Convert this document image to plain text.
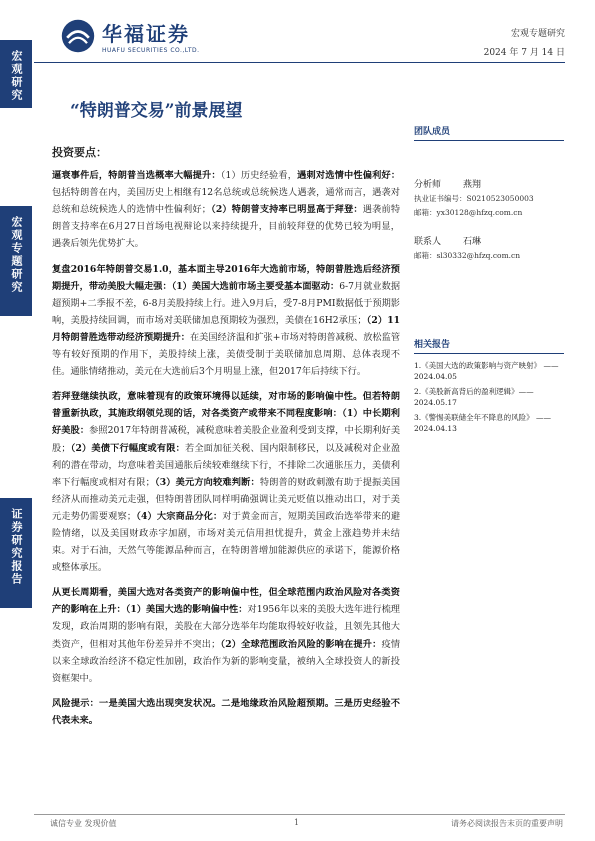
宏观研究
宏观专题研究
证券研究报告
华福证券
HUAFU SECURITIES CO.,LTD.
宏观专题研究
2024 年 7 月 14 日
“特朗普交易”前景展望
投资要点：

逼衰事件后，特朗普当选概率大幅提升：（1）历史经验看，遇刺对选情中性偏利好：包括特朗普在内，美国历史上相继有12名总统或总统候选人遇袭，通常而言，遇袭对总统和总统候选人的选情中性偏利好；（2）特朗普支持率已明显高于拜登：遇袭前特朗普支持率在6月27日首场电视辩论以来持续提升，目前较拜登的优势已较为明显，遇袭后领先优势扩大。

复盘2016年特朗普交易1.0，基本面主导2016年大选前市场，特朗普胜选后经济预期提升，带动美股大幅走强：（1）美国大选前市场主要受基本面驱动：6-7月就业数据超预期+二季报不差，6-8月美股持续上行。进入9月后，受7-8月PMI数据低于预期影响，美股持续回调，而市场对美联储加息预期较为强烈，美债在16H2承压；（2）11月特朗普胜选带动经济预期提升：在美国经济温和扩张+市场对特朗普减税、放松监管等有较好预期的作用下，美股持续上涨，美债受制于美联储加息周期、总体表现不佳。通胀情绪推动，美元在大选前后3个月明显上涨，但2017年后持续下行。

若拜登继续执政，意味着现有的政策环境得以延续，对市场的影响偏中性。但若特朗普重新执政，其施政纲领兑现的话，对各类资产或带来不同程度影响：（1）中长期利好美股：参照2017年特朗普减税，减税意味着美股企业盈利受到支撑，中长期利好美股；（2）美债下行幅度或有限：若全面加征关税、国内限制移民，以及减税对企业盈利的潜在带动，均意味着美国通胀后续较难继续下行，不排除二次通胀压力，美债利率下行幅度或相对有限；（3）美元方向较难判断：特朗普的财政刺激有助于提振美国经济从而推动美元走强，但特朗普团队同样明确强调让美元贬值以推动出口，对于美元走势仍需要观察；（4）大宗商品分化：对于黄金而言，短期美国政治选举带来的避险情绪，以及美国财政赤字加剧，市场对美元信用担忧提升，黄金上涨趋势并未结束。对于石油，天然气等能源品种而言，在特朗普增加能源供应的承诺下，能源价格或整体承压。

从更长周期看，美国大选对各类资产的影响偏中性，但全球范围内政治风险对各类资产的影响在上升：（1）美国大选的影响偏中性：对1956年以来的美股大选年进行梳理发现，政治周期的影响有限，美股在大部分选举年均能取得较好收益，且领先其他大类资产，但相对其他年份差异并不突出；（2）全球范围政治风险的影响在提升：疫情以来全球政治经济不稳定性加剧，政治作为新的影响变量，被纳入全球投资人的新投资框架中。

风险提示：一是美国大选出现突发状况。二是地缘政治风险超预期。三是历史经验不代表未来。

团队成员
分析师 燕翔
执业证书编号：S0210523050003
邮箱：yx30128@hfzq.com.cn
联系人 石琳
邮箱：sl30332@hfzq.com.cn
相关报告
1.《美国大选的政策影响与资产映射》 —— 2024.04.05
2.《美股新高背后的盈利逻辑》——2024.05.17
3.《警惕美联储全年不降息的风险》 —— 2024.04.13
诚信专业 发现价值	1	请务必阅读报告末页的重要声明
